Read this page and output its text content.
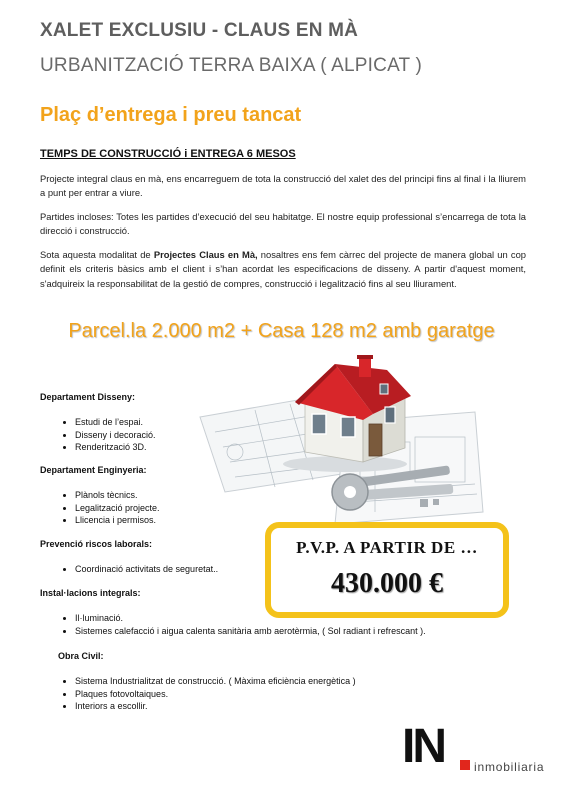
XALET EXCLUSIU - CLAUS EN MÀ
URBANITZACIÓ TERRA BAIXA ( ALPICAT )
Plaç d’entrega i preu tancat
TEMPS DE CONSTRUCCIÓ i ENTREGA 6 MESOS

Projecte integral claus en mà, ens encarreguem de tota la construcció del xalet des del principi fins al final i la lliurem a punt per entrar a viure.

Partides incloses: Totes les partides d’execució del seu habitatge. El nostre equip professional s’encarrega de tota la direcció i construcció.

Sota aquesta modalitat de Projectes Claus en Mà, nosaltres ens fem càrrec del projecte de manera global un cop definit els criteris bàsics amb el client i s’han acordat les especificacions de disseny. A partir d'aquest moment, s'adquireix la responsabilitat de la gestió de compres, construcció i legalització fins al seu lliurament.

Parcel.la 2.000 m2 + Casa 128 m2 amb garatge
Departament Disseny:
• Estudi de l’espai.
• Disseny i decoració.
• Renderització 3D.
Departament Enginyeria:
• Plànols tècnics.
• Legalització projecte.
• Llicencia i permisos.
Prevenció riscos laborals:
• Coordinació activitats de seguretat..
Instal·lacions integrals:
• Il·luminació.
• Sistemes calefacció i aigua calenta sanitària amb aerotèrmia, ( Sol radiant i refrescant ).
Obra Civil:
• Sistema Industrialitzat de construcció. ( Màxima eficiència energètica )
• Plaques fotovoltaiques.
• Interiors a escollir.
P.V.P. A PARTIR DE …
430.000 €
IN	inmobiliaria
